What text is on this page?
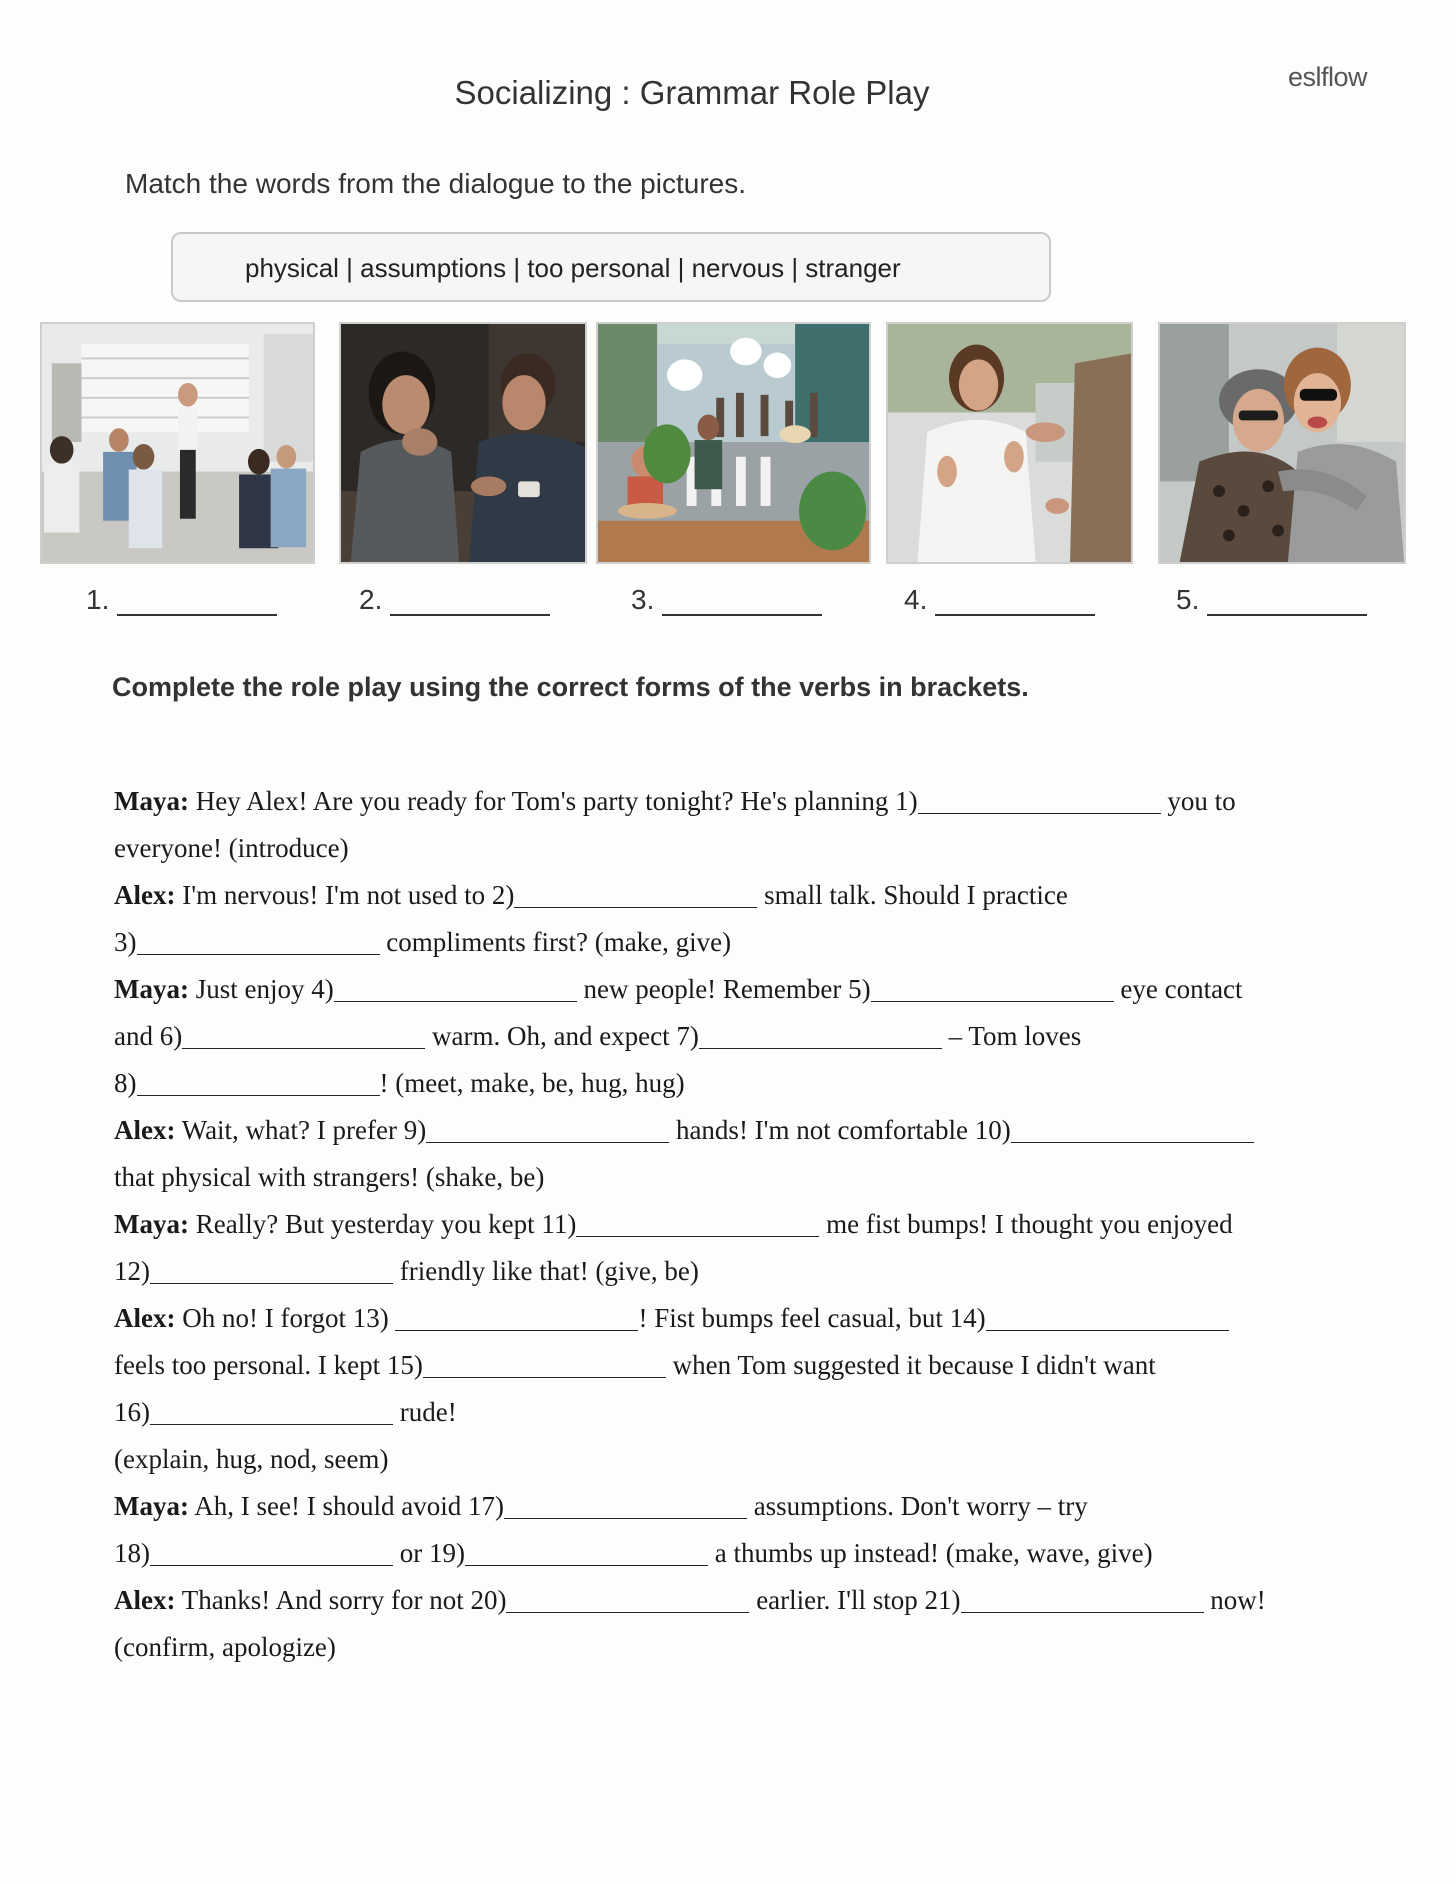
eslflow
Socializing : Grammar Role Play
Match the words from the dialogue to the pictures.
physical | assumptions | too personal | nervous | stranger
1.	2.	3.	4.	5.
Complete the role play using the correct forms of the verbs in brackets.
Maya: Hey Alex! Are you ready for Tom's party tonight? He's planning 1)	you to
everyone! (introduce)
Alex: I'm nervous! I'm not used to 2)	small talk. Should I practice
3)	compliments first? (make, give)
Maya: Just enjoy 4)	new people! Remember 5)	eye contact
and 6)	warm. Oh, and expect 7)	– Tom loves
8)	! (meet, make, be, hug, hug)
Alex: Wait, what? I prefer 9)	hands! I'm not comfortable 10)
that physical with strangers! (shake, be)
Maya: Really? But yesterday you kept 11)	me fist bumps! I thought you enjoyed
12)	friendly like that! (give, be)
Alex: Oh no! I forgot 13)	! Fist bumps feel casual, but 14)
feels too personal. I kept 15)	when Tom suggested it because I didn't want
16)	rude!
(explain, hug, nod, seem)
Maya: Ah, I see! I should avoid 17)	assumptions. Don't worry – try
18)	or 19)	a thumbs up instead! (make, wave, give)
Alex: Thanks! And sorry for not 20)	earlier. I'll stop 21)	now!
(confirm, apologize)
